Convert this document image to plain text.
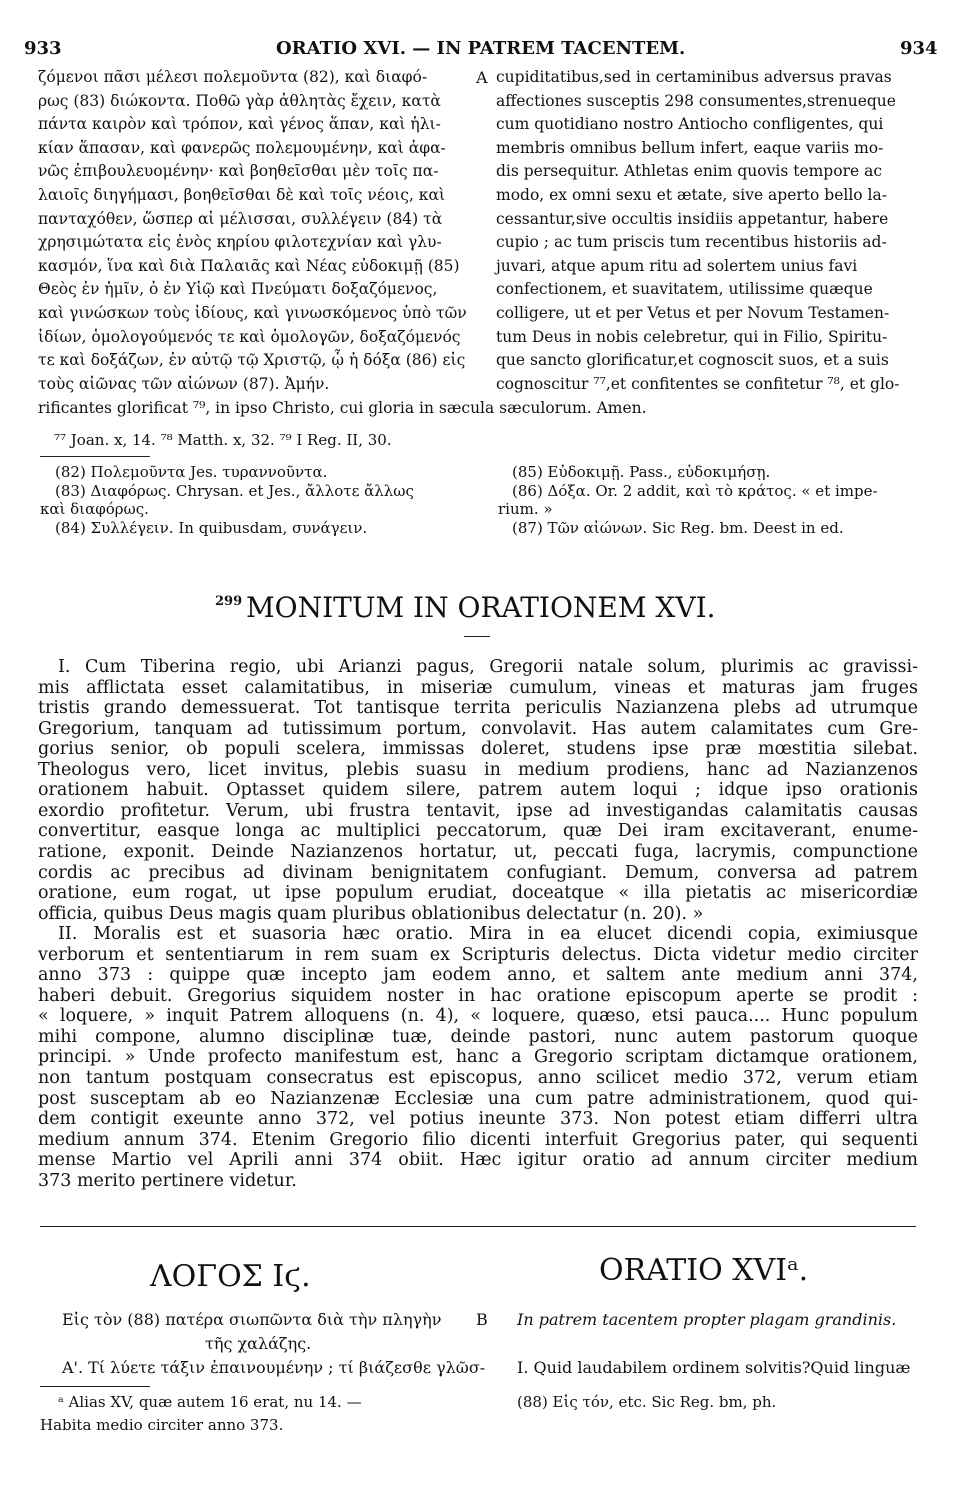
933	ORATIO XVI. — IN PATREM TACENTEM.	934
ζόμενοι πᾶσι μέλεσι πολεμοῦντα (82), καὶ διαφό-
ρως (83) διώκοντα. Ποθῶ γὰρ ἀθλητὰς ἔχειν, κατὰ
πάντα καιρὸν καὶ τρόπον, καὶ γένος ἅπαν, καὶ ἡλι-
κίαν ἅπασαν, καὶ φανερῶς πολεμουμένην, καὶ ἀφα-
νῶς ἐπιβουλευομένην· καὶ βοηθεῖσθαι μὲν τοῖς πα-
λαιοῖς διηγήμασι, βοηθεῖσθαι δὲ καὶ τοῖς νέοις, καὶ
πανταχόθεν, ὥσπερ αἱ μέλισσαι, συλλέγειν (84) τὰ
χρησιμώτατα εἰς ἑνὸς κηρίου φιλοτεχνίαν καὶ γλυ-
κασμόν, ἵνα καὶ διὰ Παλαιᾶς καὶ Νέας εὐδοκιμῇ (85)
Θεὸς ἐν ἡμῖν, ὁ ἐν Υἱῷ καὶ Πνεύματι δοξαζόμενος,
καὶ γινώσκων τοὺς ἰδίους, καὶ γινωσκόμενος ὑπὸ τῶν
ἰδίων, ὁμολογούμενός τε καὶ ὁμολογῶν, δοξαζόμενός
τε καὶ δοξάζων, ἐν αὐτῷ τῷ Χριστῷ, ᾧ ἡ δόξα (86) εἰς
τοὺς αἰῶνας τῶν αἰώνων (87). Ἀμήν.
A cupiditatibus,sed in certaminibus adversus pravas
affectiones susceptis 298 consumentes,strenueque
cum quotidiano nostro Antiocho confligentes, qui
membris omnibus bellum infert, eaque variis mo-
dis persequitur. Athletas enim quovis tempore ac
modo, ex omni sexu et ætate, sive aperto bello la-
cessantur,sive occultis insidiis appetantur, habere
cupio ; ac tum priscis tum recentibus historiis ad-
juvari, atque apum ritu ad solertem unius favi
confectionem, et suavitatem, utilissime quæque
colligere, ut et per Vetus et per Novum Testamen-
tum Deus in nobis celebretur, qui in Filio, Spiritu-
que sancto glorificatur,et cognoscit suos, et a suis
cognoscitur ⁷⁷,et confitentes se confitetur ⁷⁸, et glo-
rificantes glorificat ⁷⁹, in ipso Christo, cui gloria in sæcula sæculorum. Amen.
⁷⁷ Joan. x, 14. ⁷⁸ Matth. x, 32. ⁷⁹ I Reg. II, 30.
(82) Πολεμοῦντα Jes. τυραννοῦντα.
(83) Διαφόρως. Chrysan. et Jes., ἄλλοτε ἄλλως
καὶ διαφόρως.
(84) Συλλέγειν. In quibusdam, συνάγειν.
(85) Εὐδοκιμῇ. Pass., εὐδοκιμήσῃ.
(86) Δόξα. Or. 2 addit, καὶ τὸ κράτος. « et impe-
rium. »
(87) Τῶν αἰώνων. Sic Reg. bm. Deest in ed.
299 MONITUM IN ORATIONEM XVI.
I. Cum Tiberina regio, ubi Arianzi pagus, Gregorii natale solum, plurimis ac gravissi-
mis afflictata esset calamitatibus, in miseriæ cumulum, vineas et maturas jam fruges
tristis grando demessuerat. Tot tantisque territa periculis Nazianzena plebs ad utrumque
Gregorium, tanquam ad tutissimum portum, convolavit. Has autem calamitates cum Gre-
gorius senior, ob populi scelera, immissas doleret, studens ipse præ mœstitia silebat.
Theologus vero, licet invitus, plebis suasu in medium prodiens, hanc ad Nazianzenos
orationem habuit. Optasset quidem silere, patrem autem loqui ; idque ipso orationis
exordio profitetur. Verum, ubi frustra tentavit, ipse ad investigandas calamitatis causas
convertitur, easque longa ac multiplici peccatorum, quæ Dei iram excitaverant, enume-
ratione, exponit. Deinde Nazianzenos hortatur, ut, peccati fuga, lacrymis, compunctione
cordis ac precibus ad divinam benignitatem confugiant. Demum, conversa ad patrem
oratione, eum rogat, ut ipse populum erudiat, doceatque « illa pietatis ac misericordiæ
officia, quibus Deus magis quam pluribus oblationibus delectatur (n. 20). »
II. Moralis est et suasoria hæc oratio. Mira in ea elucet dicendi copia, eximiusque
verborum et sententiarum in rem suam ex Scripturis delectus. Dicta videtur medio circiter
anno 373 : quippe quæ incepto jam eodem anno, et saltem ante medium anni 374,
haberi debuit. Gregorius siquidem noster in hac oratione episcopum aperte se prodit :
« loquere, » inquit Patrem alloquens (n. 4), « loquere, quæso, etsi pauca.... Hunc populum
mihi compone, alumno disciplinæ tuæ, deinde pastori, nunc autem pastorum quoque
principi. » Unde profecto manifestum est, hanc a Gregorio scriptam dictamque orationem,
non tantum postquam consecratus est episcopus, anno scilicet medio 372, verum etiam
post susceptam ab eo Nazianzenæ Ecclesiæ una cum patre administrationem, quod qui-
dem contigit exeunte anno 372, vel potius ineunte 373. Non potest etiam differri ultra
medium annum 374. Etenim Gregorio filio dicenti interfuit Gregorius pater, qui sequenti
mense Martio vel Aprili anni 374 obiit. Hæc igitur oratio ad annum circiter medium
373 merito pertinere videtur.
ΛΟΓΟΣ Ιϛ.	ORATIO XVIᵃ.
Εἰς τὸν (88) πατέρα σιωπῶντα διὰ τὴν πληγὴν
τῆς χαλάζης.
B In patrem tacentem propter plagam grandinis.
Α'. Τί λύετε τάξιν ἐπαινουμένην ; τί βιάζεσθε γλῶσ- I. Quid laudabilem ordinem solvitis?Quid linguæ
ᵃ Alias XV, quæ autem 16 erat, nu 14. —
Habita medio circiter anno 373.
(88) Εἰς τόν, etc. Sic Reg. bm, ph.
